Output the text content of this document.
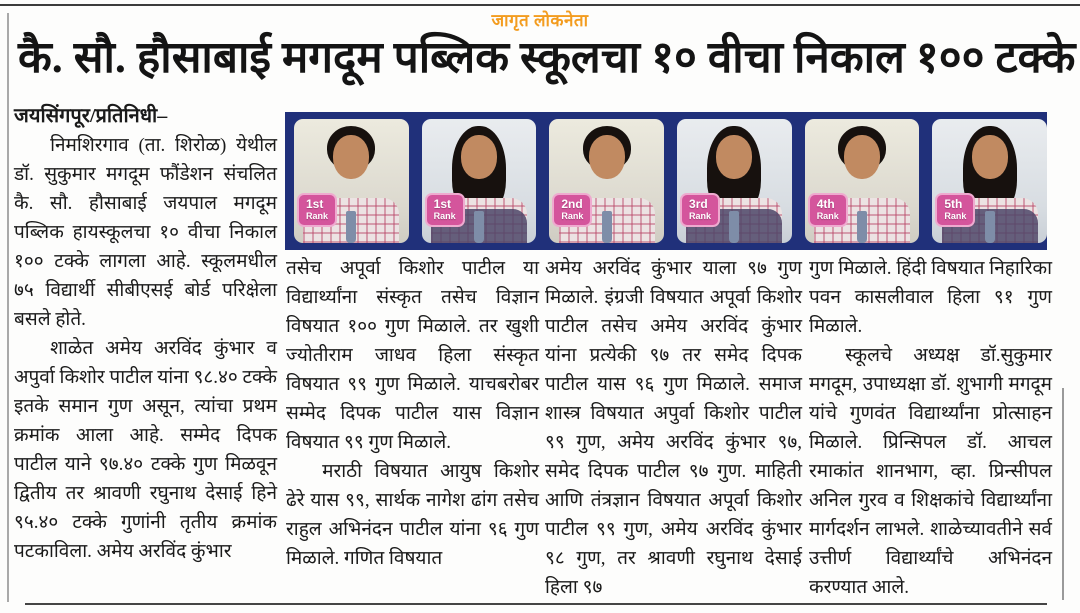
जागृत लोकनेता
कै. सौ. हौसाबाई मगदूम पब्लिक स्कूलचा १० वीचा निकाल १०० टक्के
1st
Rank
1st
Rank
2nd
Rank
3rd
Rank
4th
Rank
5th
Rank

जयसिंगपूर/प्रतिनिधी–

निमशिरगाव (ता. शिरोळ) येथील डॉ. सुकुमार मगदूम फौंडेशन संचलित कै. सौ. हौसाबाई जयपाल मगदूम पब्लिक हायस्कूलचा १० वीचा निकाल १०० टक्के लागला आहे. स्कूलमधील ७५ विद्यार्थी सीबीएसई बोर्ड परिक्षेला बसले होते.

शाळेत अमेय अरविंद कुंभार व अपुर्वा किशोर पाटील यांना ९८.४० टक्के इतके समान गुण असून, त्यांचा प्रथम क्रमांक आला आहे. सम्मेद दिपक पाटील याने ९७.४० टक्के गुण मिळवून द्वितीय तर श्रावणी रघुनाथ देसाई हिने ९५.४० टक्के गुणांनी तृतीय क्रमांक पटकाविला. अमेय अरविंद कुंभार

तसेच अपूर्वा किशोर पाटील या विद्यार्थ्यांना संस्कृत तसेच विज्ञान विषयात १०० गुण मिळाले. तर खुशी ज्योतीराम जाधव हिला संस्कृत विषयात ९९ गुण मिळाले. याचबरोबर सम्मेद दिपक पाटील यास विज्ञान विषयात ९९ गुण मिळाले.

मराठी विषयात आयुष किशोर ढेरे यास ९९, सार्थक नागेश ढांग तसेच राहुल अभिनंदन पाटील यांना ९६ गुण मिळाले. गणित विषयात

अमेय अरविंद कुंभार याला ९७ गुण मिळाले. इंग्रजी विषयात अपूर्वा किशोर पाटील तसेच अमेय अरविंद कुंभार यांना प्रत्येकी ९७ तर समेद दिपक पाटील यास ९६ गुण मिळाले. समाज शास्त्र विषयात अपुर्वा किशोर पाटील ९९ गुण, अमेय अरविंद कुंभार ९७, समेद दिपक पाटील ९७ गुण. माहिती आणि तंत्रज्ञान विषयात अपूर्वा किशोर पाटील ९९ गुण, अमेय अरविंद कुंभार ९८ गुण, तर श्रावणी रघुनाथ देसाई हिला ९७

गुण मिळाले. हिंदी विषयात निहारिका पवन कासलीवाल हिला ९१ गुण मिळाले.

स्कूलचे अध्यक्ष डॉ.सुकुमार मगदूम, उपाध्यक्षा डॉ. शुभागी मगदूम यांचे गुणवंत विद्यार्थ्यांना प्रोत्साहन मिळाले. प्रिन्सिपल डॉ. आचल रमाकांत शानभाग, व्हा. प्रिन्सीपल अनिल गुरव व शिक्षकांचे विद्यार्थ्यांना मार्गदर्शन लाभले. शाळेच्यावतीने सर्व उत्तीर्ण विद्यार्थ्यांचे अभिनंदन करण्यात आले.
